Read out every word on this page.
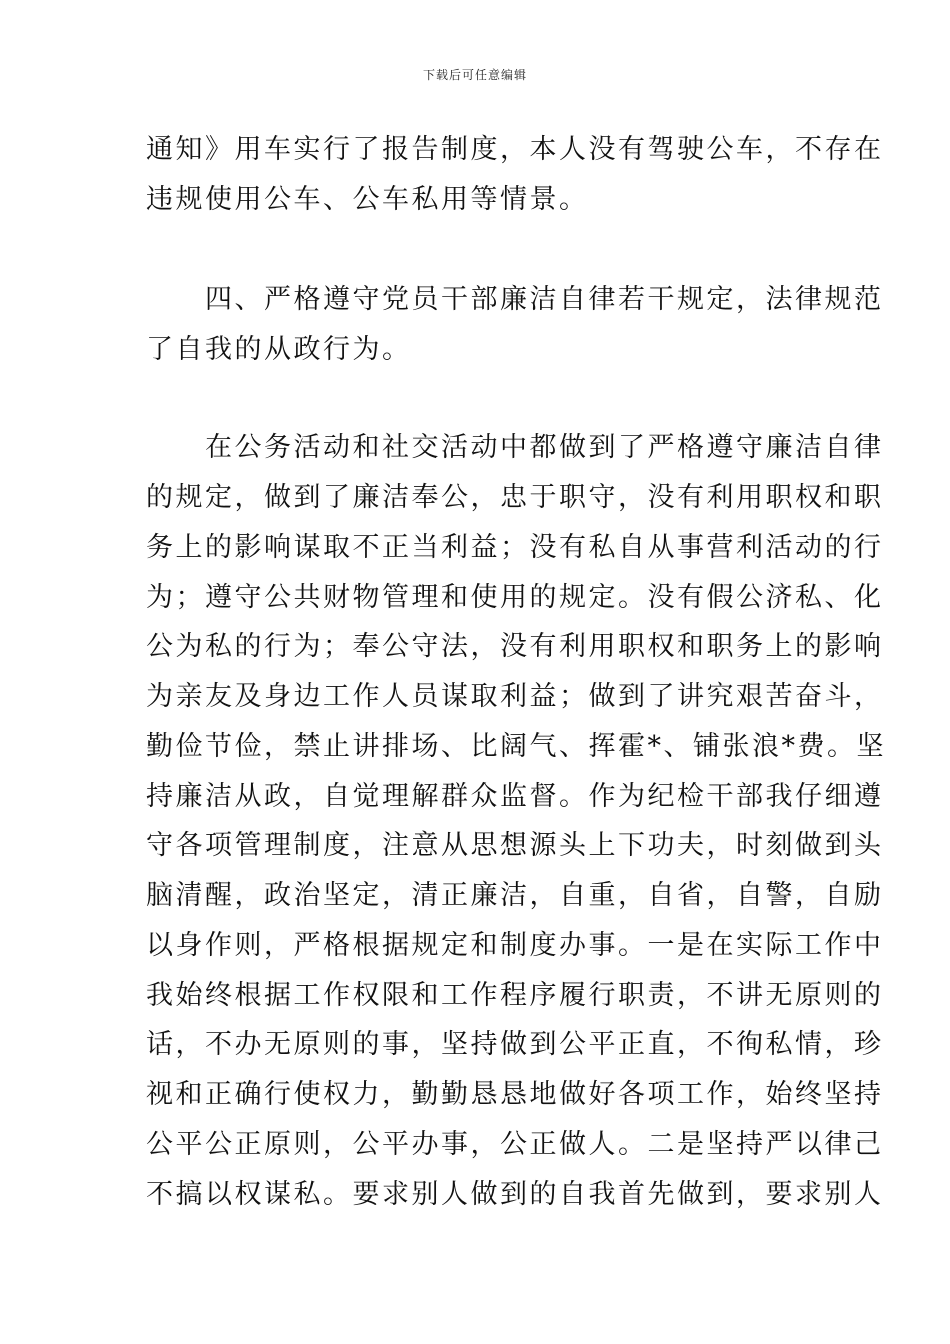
下载后可任意编辑
通知》用车实行了报告制度，本人没有驾驶公车，不存在
违规使用公车、公车私用等情景。
　　四、严格遵守党员干部廉洁自律若干规定，法律规范
了自我的从政行为。
　　在公务活动和社交活动中都做到了严格遵守廉洁自律
的规定，做到了廉洁奉公，忠于职守，没有利用职权和职
务上的影响谋取不正当利益；没有私自从事营利活动的行
为；遵守公共财物管理和使用的规定。没有假公济私、化
公为私的行为；奉公守法，没有利用职权和职务上的影响
为亲友及身边工作人员谋取利益；做到了讲究艰苦奋斗，
勤俭节俭，禁止讲排场、比阔气、挥霍*、铺张浪*费。坚
持廉洁从政，自觉理解群众监督。作为纪检干部我仔细遵
守各项管理制度，注意从思想源头上下功夫，时刻做到头
脑清醒，政治坚定，清正廉洁，自重，自省，自警，自励
以身作则，严格根据规定和制度办事。一是在实际工作中
我始终根据工作权限和工作程序履行职责，不讲无原则的
话，不办无原则的事，坚持做到公平正直，不徇私情，珍
视和正确行使权力，勤勤恳恳地做好各项工作，始终坚持
公平公正原则，公平办事，公正做人。二是坚持严以律己
不搞以权谋私。要求别人做到的自我首先做到，要求别人
